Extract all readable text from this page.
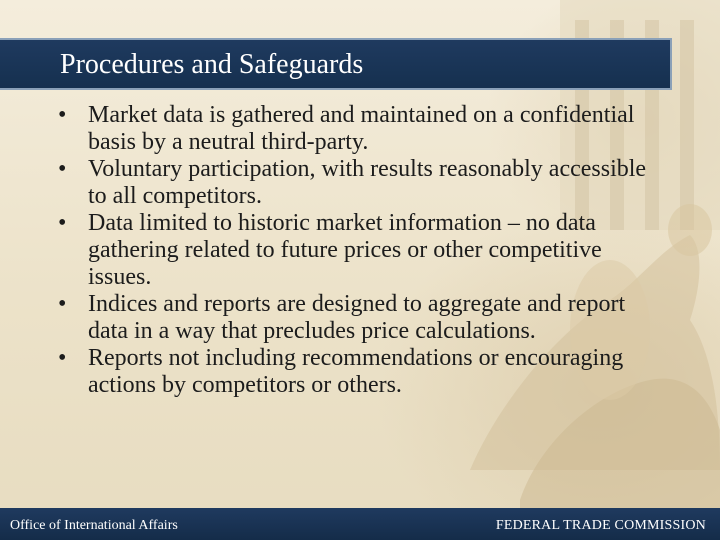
Procedures and Safeguards
• Market data is gathered and maintained on a confidential basis by a neutral third-party.
• Voluntary participation, with results reasonably accessible to all competitors.
• Data limited to historic market information – no data gathering related to future prices or other competitive issues.
• Indices and reports are designed to aggregate and report data in a way that precludes price calculations.
• Reports not including recommendations or encouraging actions by competitors or others.
Office of International Affairs	FEDERAL TRADE COMMISSION
